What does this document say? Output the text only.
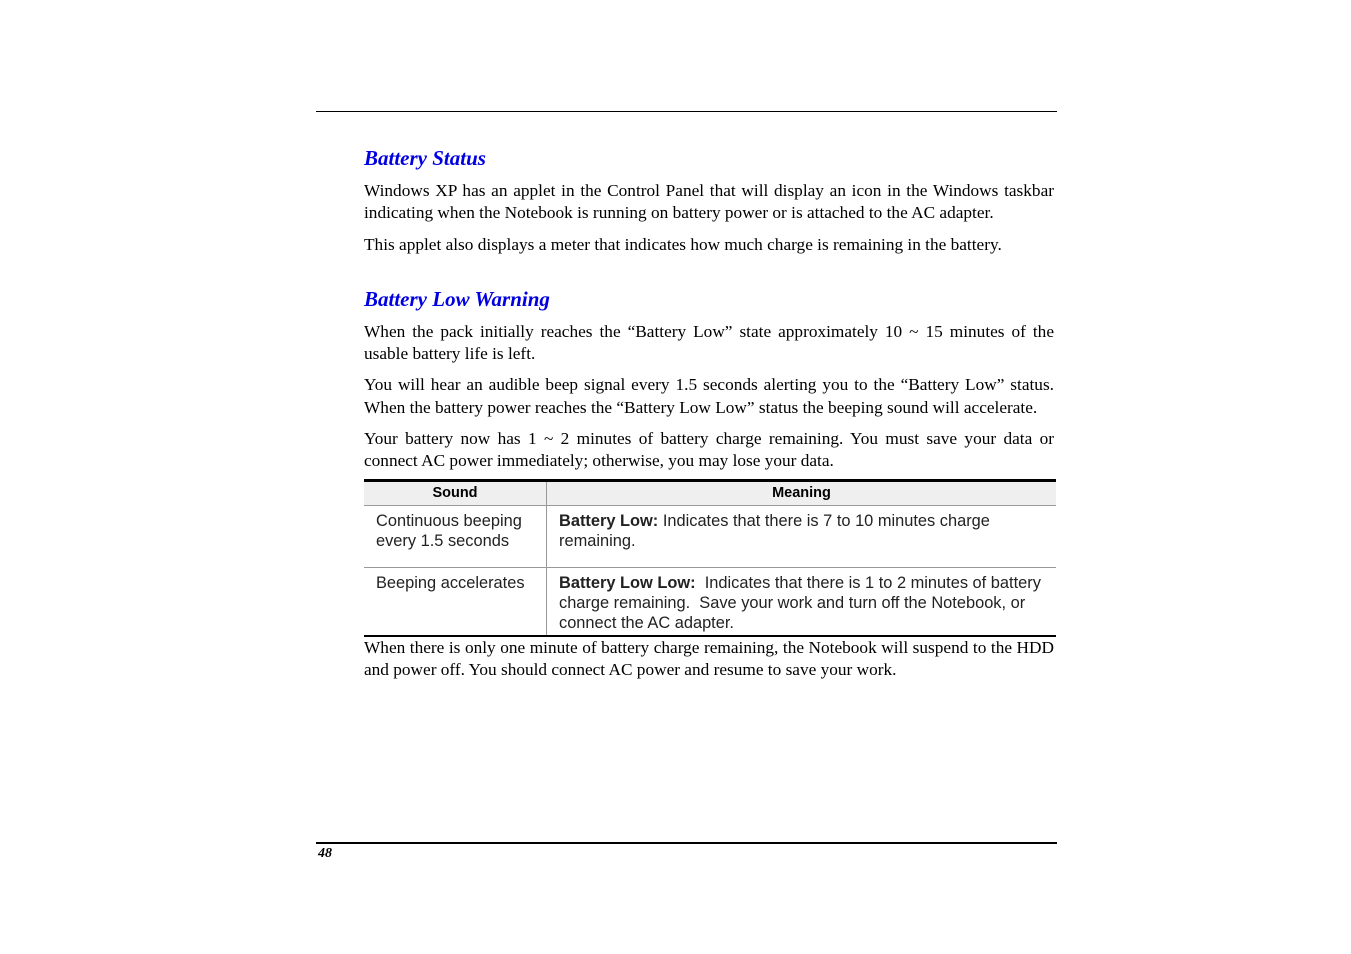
Battery Status

Windows XP has an applet in the Control Panel that will display an icon in the Windows taskbar indicating when the Notebook is running on battery power or is attached to the AC adapter.

This applet also displays a meter that indicates how much charge is remaining in the battery.

Battery Low Warning

When the pack initially reaches the “Battery Low” state approximately 10 ~ 15 minutes of the usable battery life is left.

You will hear an audible beep signal every 1.5 seconds alerting you to the “Battery Low” status. When the battery power reaches the “Battery Low Low” status the beeping sound will accelerate.

Your battery now has 1 ~ 2 minutes of battery charge remaining. You must save your data or connect AC power immediately; otherwise, you may lose your data.

Sound	Meaning
Continuous beeping every 1.5 seconds	Battery Low: Indicates that there is 7 to 10 minutes charge remaining.
Beeping accelerates	Battery Low Low:  Indicates that there is 1 to 2 minutes of battery charge remaining.  Save your work and turn off the Notebook, or connect the AC adapter.

When there is only one minute of battery charge remaining, the Notebook will suspend to the HDD and power off. You should connect AC power and resume to save your work.

48
